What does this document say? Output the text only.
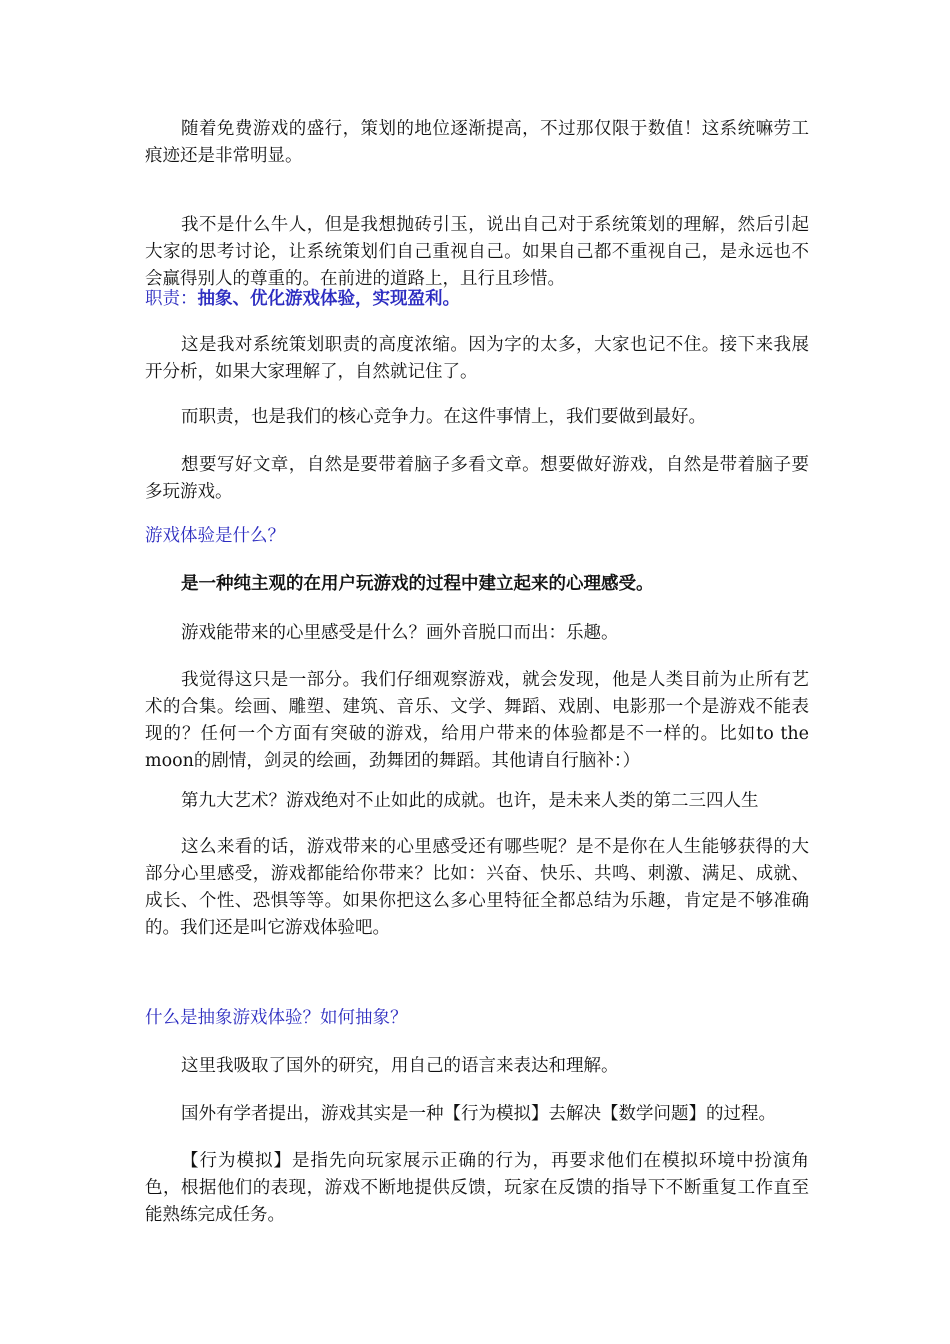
随着免费游戏的盛行，策划的地位逐渐提高，不过那仅限于数值！这系统嘛劳工痕迹还是非常明显。

我不是什么牛人，但是我想抛砖引玉，说出自己对于系统策划的理解，然后引起大家的思考讨论，让系统策划们自己重视自己。如果自己都不重视自己，是永远也不会赢得别人的尊重的。在前进的道路上，且行且珍惜。

职责：抽象、优化游戏体验，实现盈利。

这是我对系统策划职责的高度浓缩。因为字的太多，大家也记不住。接下来我展开分析，如果大家理解了，自然就记住了。

而职责，也是我们的核心竞争力。在这件事情上，我们要做到最好。

想要写好文章，自然是要带着脑子多看文章。想要做好游戏，自然是带着脑子要多玩游戏。

游戏体验是什么？

是一种纯主观的在用户玩游戏的过程中建立起来的心理感受。

游戏能带来的心里感受是什么？画外音脱口而出：乐趣。

我觉得这只是一部分。我们仔细观察游戏，就会发现，他是人类目前为止所有艺术的合集。绘画、雕塑、建筑、音乐、文学、舞蹈、戏剧、电影那一个是游戏不能表 现的？任何一个方面有突破的游戏，给用户带来的体验都是不一样的。比如to the moon的剧情，剑灵的绘画，劲舞团的舞蹈。其他请自行脑补：）

第九大艺术？游戏绝对不止如此的成就。也许，是未来人类的第二三四人生

这么来看的话，游戏带来的心里感受还有哪些呢？是不是你在人生能够获得的大部分心里感受，游戏都能给你带来？比如：兴奋、快乐、共鸣、刺激、满足、成就、成长、个性、恐惧等等。如果你把这么多心里特征全都总结为乐趣，肯定是不够准确的。我们还是叫它游戏体验吧。

什么是抽象游戏体验？如何抽象？

这里我吸取了国外的研究，用自己的语言来表达和理解。

国外有学者提出，游戏其实是一种【行为模拟】去解决【数学问题】的过程。

【行为模拟】是指先向玩家展示正确的行为，再要求他们在模拟环境中扮演角色，根据他们的表现，游戏不断地提供反馈，玩家在反馈的指导下不断重复工作直至能熟练完成任务。
